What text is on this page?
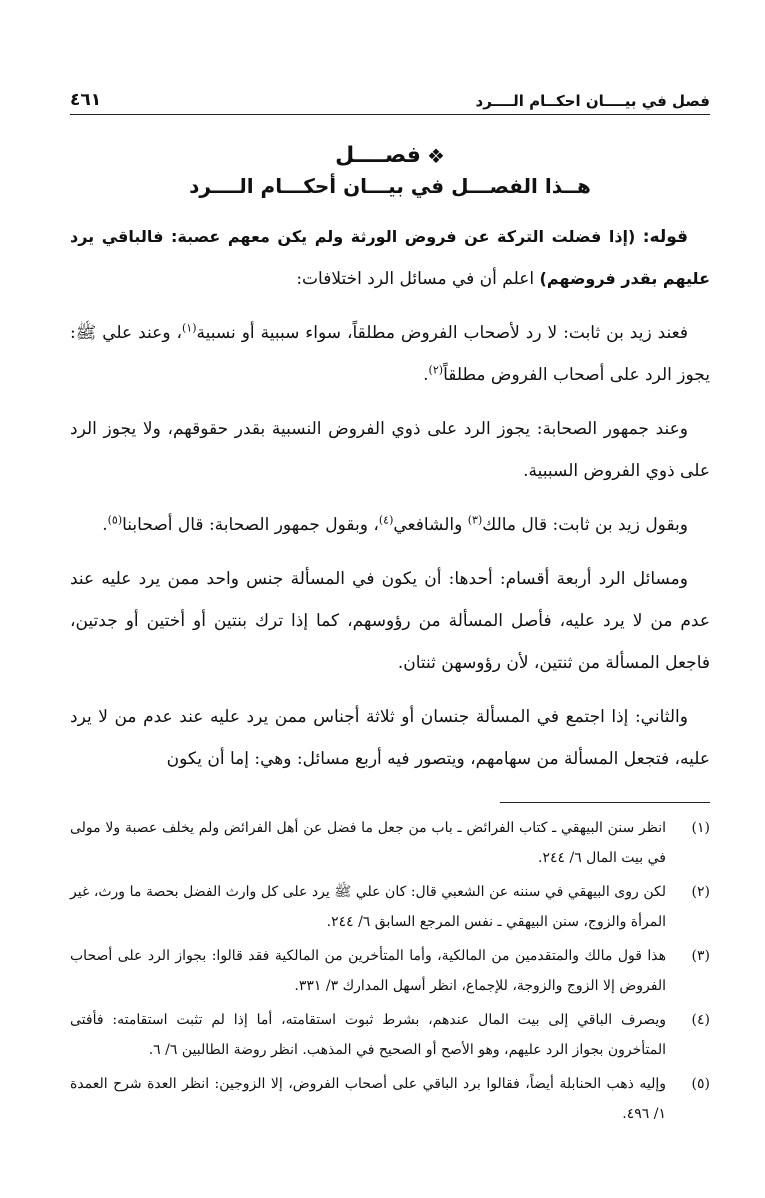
فصل في بيــــان احكــام الــــرد
٤٦١
❖
فصــــل
هــذا الفصـــل في بيـــان أحكـــام الــــرد

قوله: (إذا فضلت التركة عن فروض الورثة ولم يكن معهم عصبة: فالباقي يرد عليهم بقدر فروضهم) اعلم أن في مسائل الرد اختلافات:

فعند زيد بن ثابت: لا رد لأصحاب الفروض مطلقاً، سواء سببية أو نسبية$^{(١)}$، وعند علي ﷺ: يجوز الرد على أصحاب الفروض مطلقاً$^{(٢)}$.

وعند جمهور الصحابة: يجوز الرد على ذوي الفروض النسبية بقدر حقوقهم، ولا يجوز الرد على ذوي الفروض السببية.

وبقول زيد بن ثابت: قال مالك$^{(٣)}$ والشافعي$^{(٤)}$، وبقول جمهور الصحابة: قال أصحابنا$^{(٥)}$.

ومسائل الرد أربعة أقسام: أحدها: أن يكون في المسألة جنس واحد ممن يرد عليه عند عدم من لا يرد عليه، فأصل المسألة من رؤوسهم، كما إذا ترك بنتين أو أختين أو جدتين، فاجعل المسألة من ثنتين، لأن رؤوسهن ثنتان.

والثاني: إذا اجتمع في المسألة جنسان أو ثلاثة أجناس ممن يرد عليه عند عدم من لا يرد عليه، فتجعل المسألة من سهامهم، ويتصور فيه أربع مسائل: وهي: إما أن يكون

(١)
انظر سنن البيهقي ـ كتاب الفرائض ـ باب من جعل ما فضل عن أهل الفرائض ولم يخلف عصبة ولا مولى في بيت المال ٦/ ٢٤٤.
(٢)
لكن روى البيهقي في سننه عن الشعبي قال: كان علي ﷺ يرد على كل وارث الفضل بحصة ما ورث، غير المرأة والزوج، سنن البيهقي ـ نفس المرجع السابق ٦/ ٢٤٤.
(٣)
هذا قول مالك والمتقدمين من المالكية، وأما المتأخرين من المالكية فقد قالوا: بجواز الرد على أصحاب الفروض إلا الزوج والزوجة، للإجماع، انظر أسهل المدارك ٣/ ٣٣١.
(٤)
ويصرف الباقي إلى بيت المال عندهم، بشرط ثبوت استقامته، أما إذا لم تثبت استقامته: فأفتى المتأخرون بجواز الرد عليهم، وهو الأصح أو الصحيح في المذهب. انظر روضة الطالبين ٦/ ٦.
(٥)
وإليه ذهب الحنابلة أيضاً، فقالوا برد الباقي على أصحاب الفروض، إلا الزوجين: انظر العدة شرح العمدة ١/ ٤٩٦.
